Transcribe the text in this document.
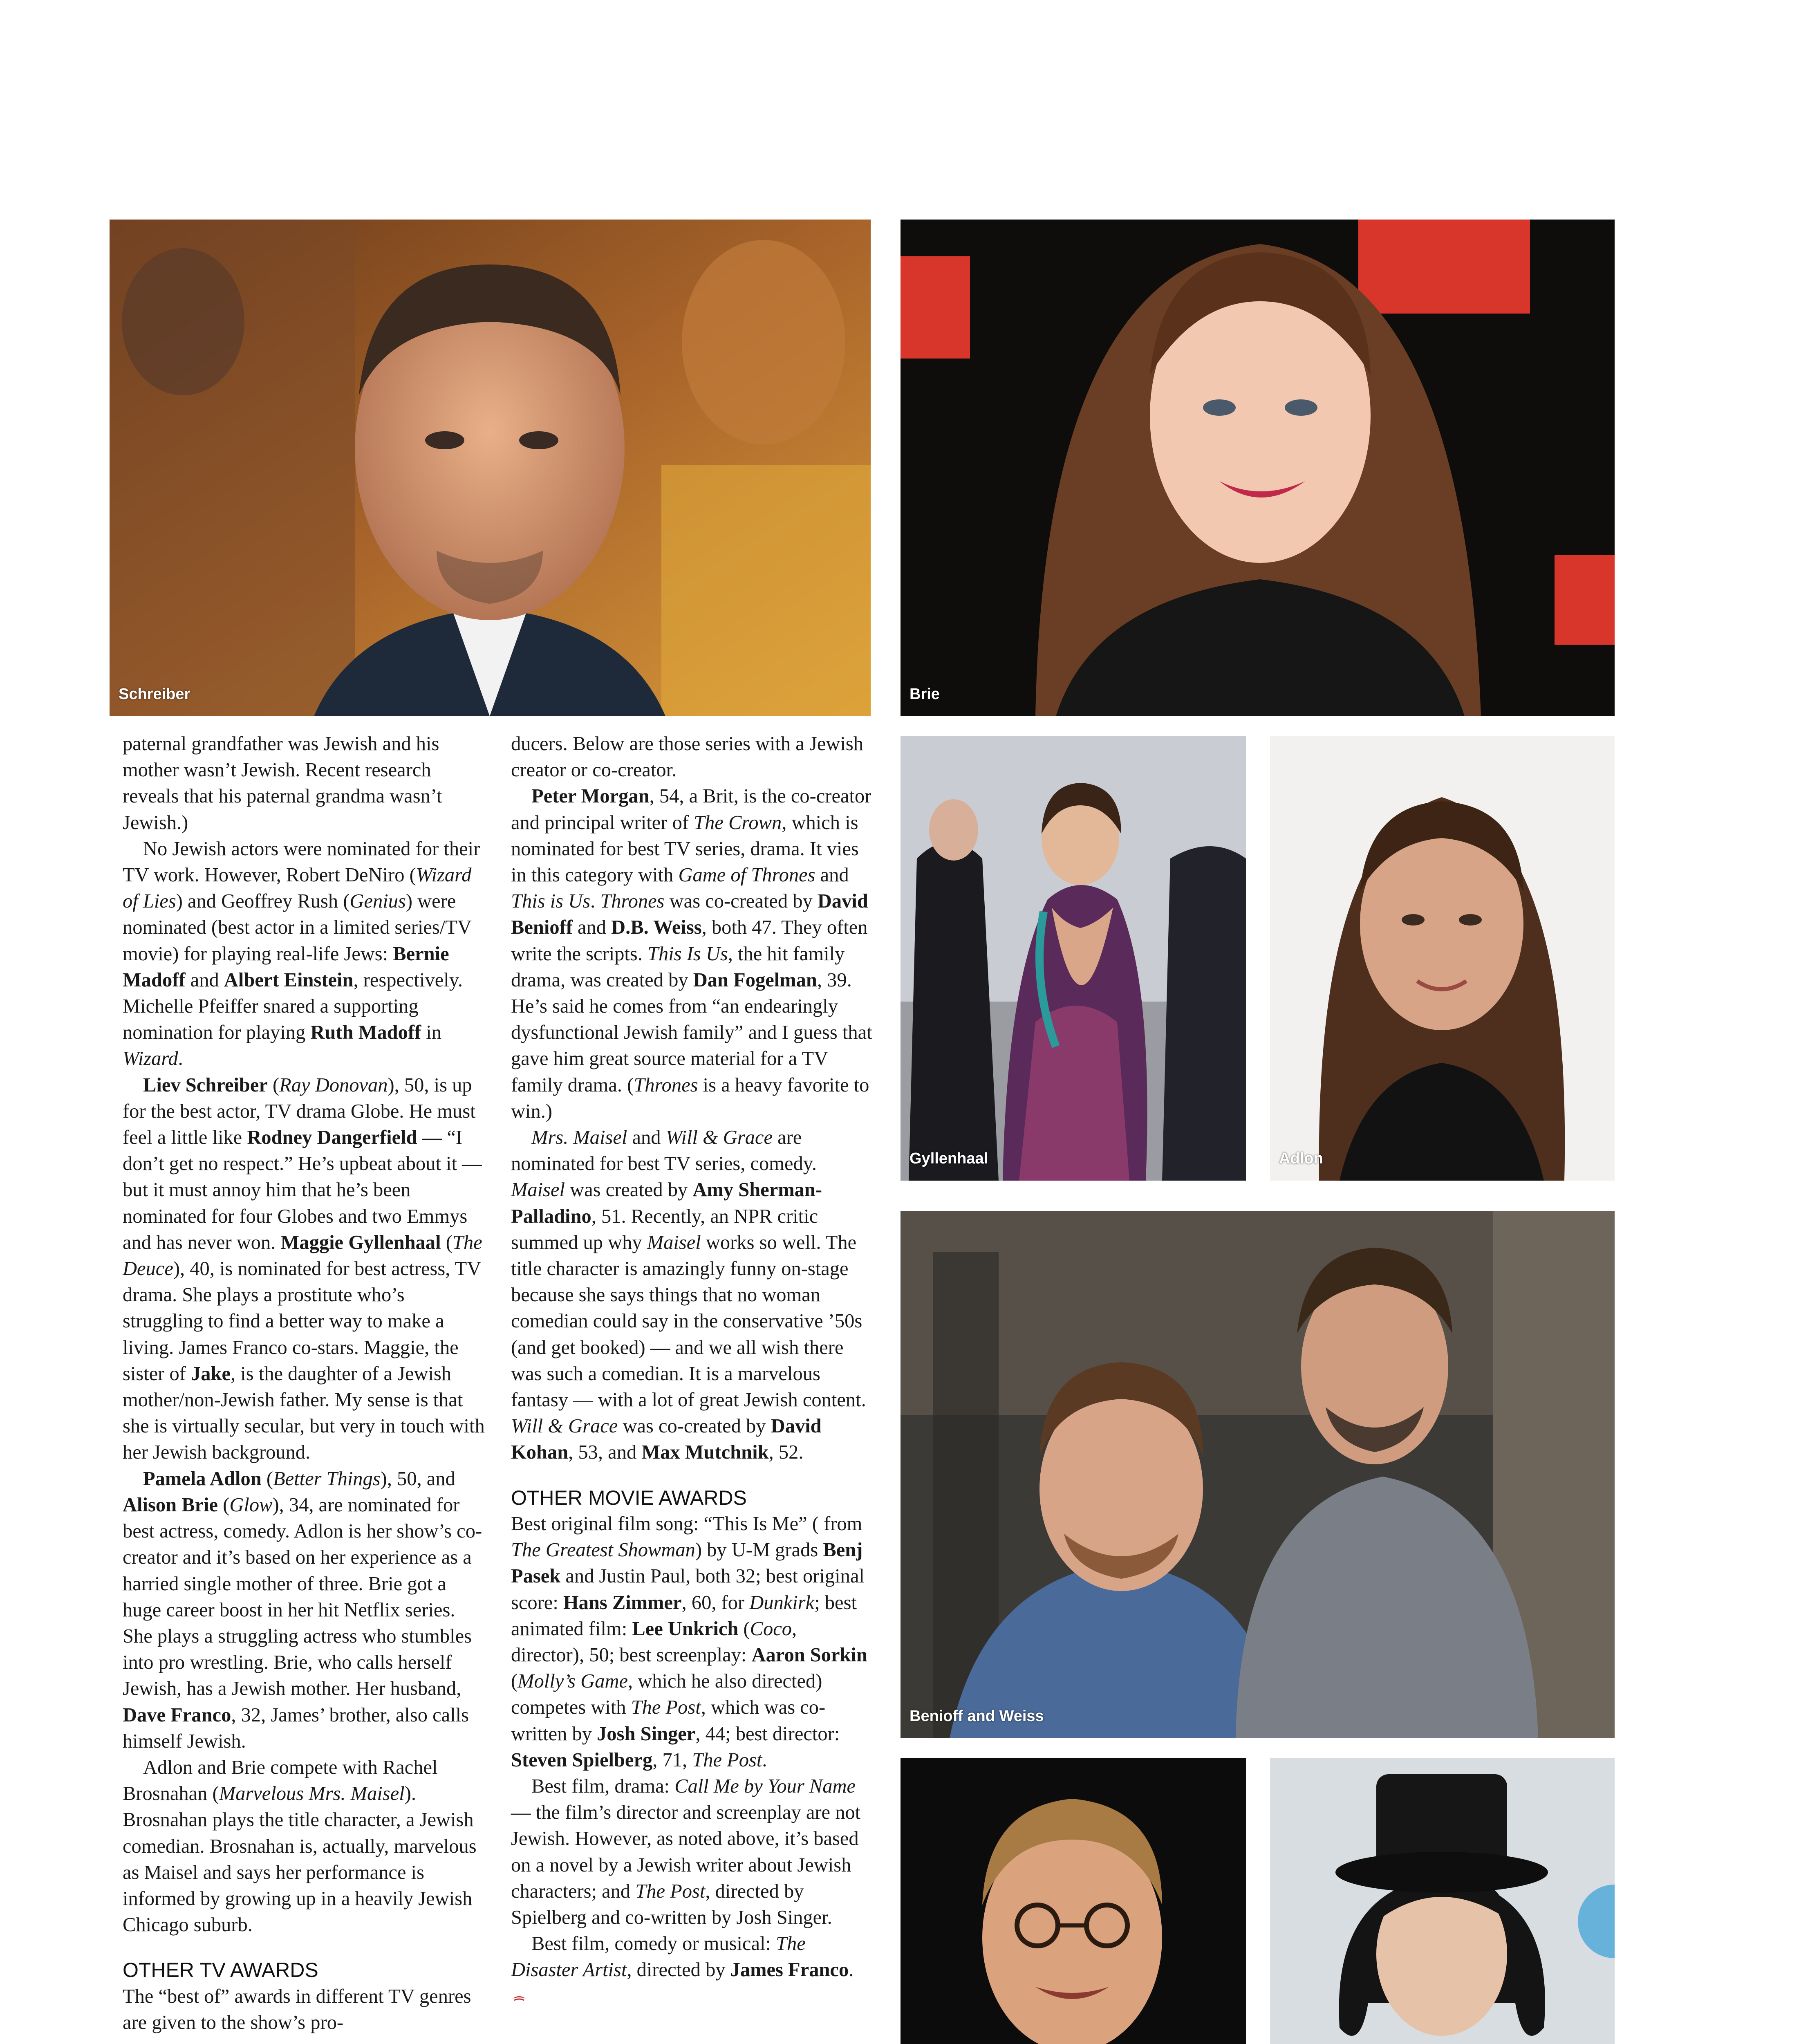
Schreiber	Brie
Gyllenhaal	Adlon
Benioff and Weiss

paternal grandfather was Jewish and his mother wasn’t Jewish. Recent research reveals that his paternal grandma wasn’t Jewish.)

No Jewish actors were nominated for their TV work. However, Robert DeNiro (Wizard of Lies) and Geoffrey Rush (Genius) were nominated (best actor in a limited series/TV movie) for playing real-life Jews: Bernie Madoff and Albert Einstein, respectively. Michelle Pfeiffer snared a supporting nomination for playing Ruth Madoff in Wizard.

Liev Schreiber (Ray Donovan), 50, is up for the best actor, TV drama Globe. He must feel a little like Rodney Dangerfield — “I don’t get no respect.” He’s upbeat about it — but it must annoy him that he’s been nominated for four Globes and two Emmys and has never won. Maggie Gyllenhaal (The Deuce), 40, is nominated for best actress, TV drama. She plays a prostitute who’s struggling to find a better way to make a living. James Franco co-stars. Maggie, the sister of Jake, is the daughter of a Jewish mother/non-Jewish father. My sense is that she is virtually secular, but very in touch with her Jewish background.

Pamela Adlon (Better Things), 50, and Alison Brie (Glow), 34, are nominated for best actress, comedy. Adlon is her show’s co-creator and it’s based on her experience as a harried single mother of three. Brie got a huge career boost in her hit Netflix series. She plays a struggling actress who stumbles into pro wrestling. Brie, who calls herself Jewish, has a Jewish mother. Her husband, Dave Franco, 32, James’ brother, also calls himself Jewish.

Adlon and Brie compete with Rachel Brosnahan (Marvelous Mrs. Maisel). Brosnahan plays the title character, a Jewish comedian. Brosnahan is, actually, marvelous as Maisel and says her performance is informed by growing up in a heavily Jewish Chicago suburb.

OTHER TV AWARDS

The “best of” awards in different TV genres are given to the show’s pro-

ducers. Below are those series with a Jewish creator or co-creator.

Peter Morgan, 54, a Brit, is the co-creator and principal writer of The Crown, which is nominated for best TV series, drama. It vies in this category with Game of Thrones and This is Us. Thrones was co-created by David Benioff and D.B. Weiss, both 47. They often write the scripts. This Is Us, the hit family drama, was created by Dan Fogelman, 39. He’s said he comes from “an endearingly dysfunctional Jewish family” and I guess that gave him great source material for a TV family drama. (Thrones is a heavy favorite to win.)

Mrs. Maisel and Will & Grace are nominated for best TV series, comedy. Maisel was created by Amy Sherman-Palladino, 51. Recently, an NPR critic summed up why Maisel works so well. The title character is amazingly funny on-stage because she says things that no woman comedian could say in the conservative ’50s (and get booked) — and we all wish there was such a comedian. It is a marvelous fantasy — with a lot of great Jewish content. Will & Grace was co-created by David Kohan, 53, and Max Mutchnik, 52.

OTHER MOVIE AWARDS

Best original film song: “This Is Me” ( from The Greatest Showman) by U-M grads Benj Pasek and Justin Paul, both 32; best original score: Hans Zimmer, 60, for Dunkirk; best animated film: Lee Unkrich (Coco, director), 50; best screenplay: Aaron Sorkin (Molly’s Game, which he also directed) competes with The Post, which was co-written by Josh Singer, 44; best director: Steven Spielberg, 71, The Post.

Best film, drama: Call Me by Your Name — the film’s director and screenplay are not Jewish. However, as noted above, it’s based on a novel by a Jewish writer about Jewish characters; and The Post, directed by Spielberg and co-written by Josh Singer.

Best film, comedy or musical: The Disaster Artist, directed by James Franco.
